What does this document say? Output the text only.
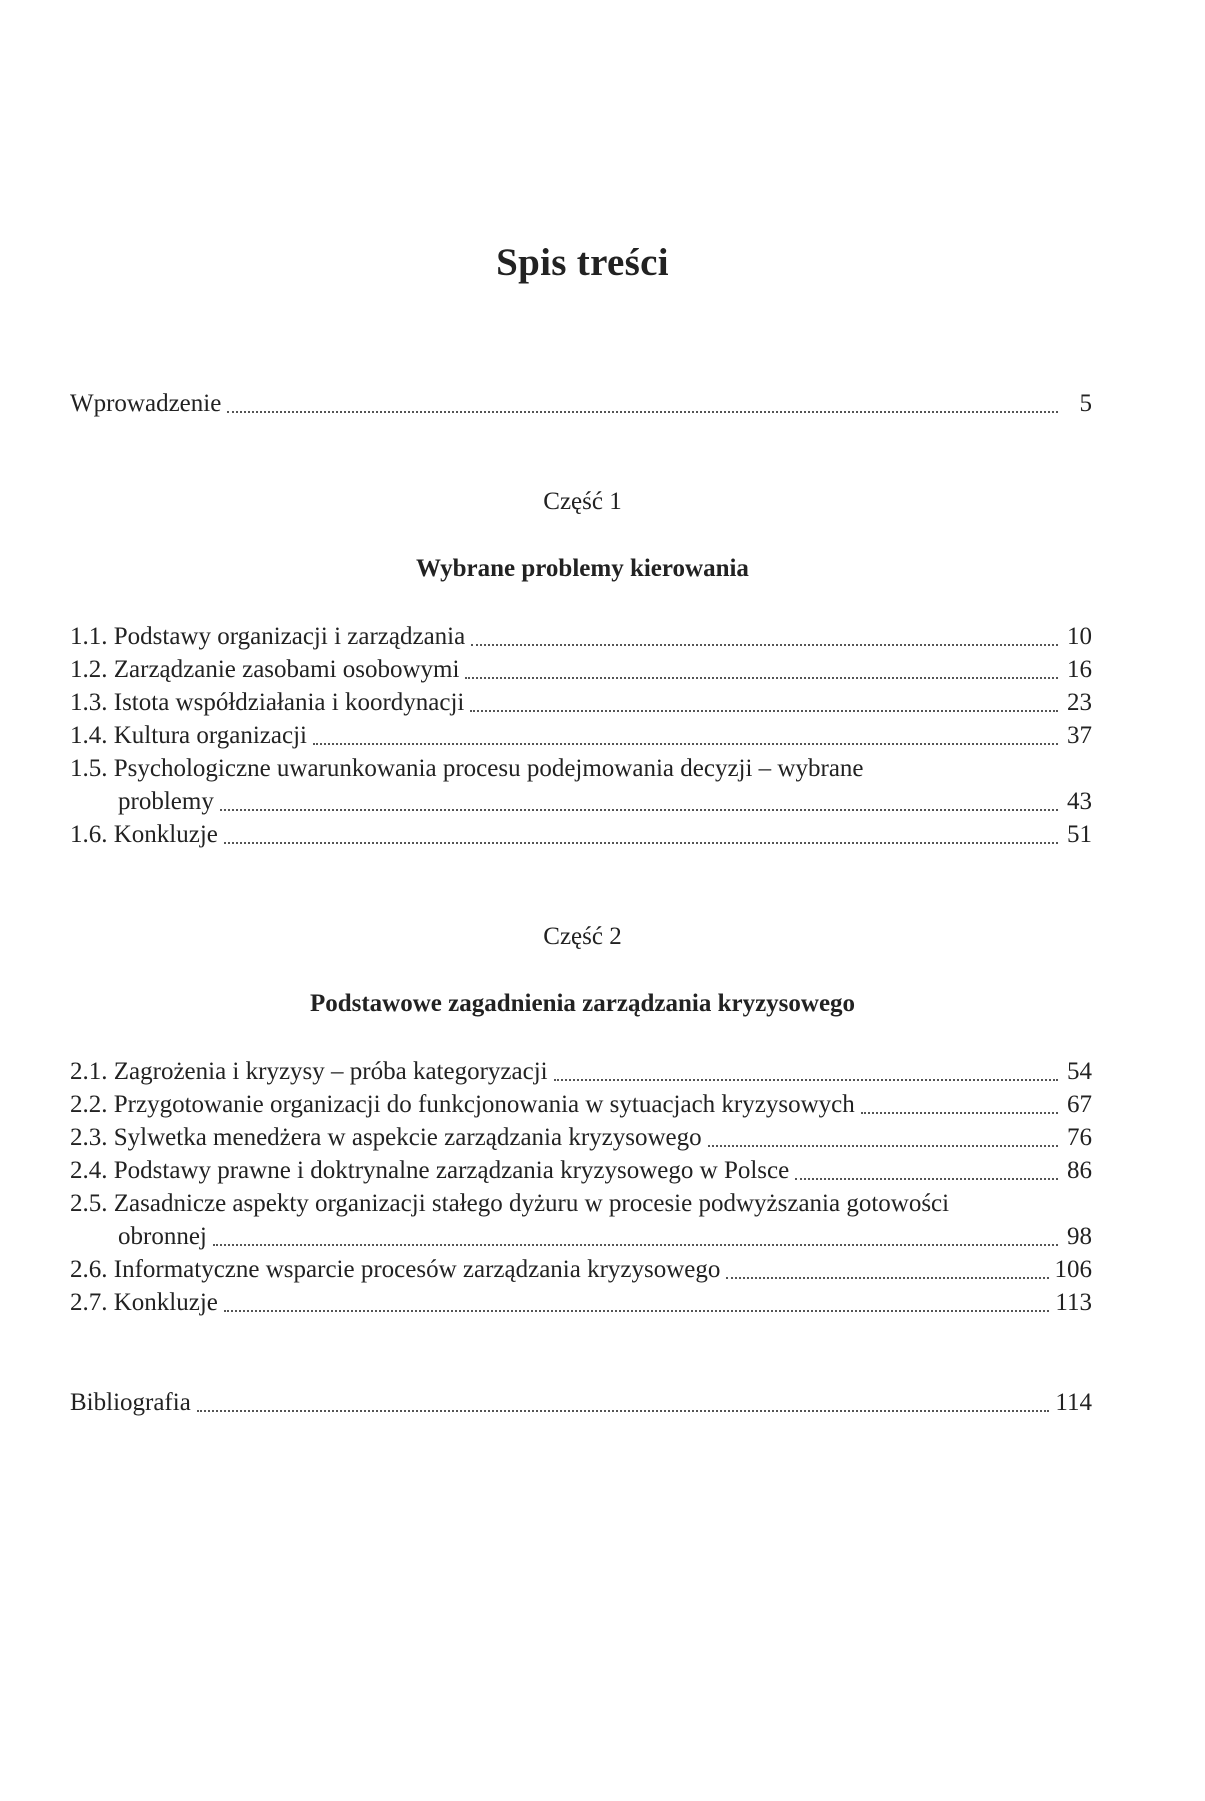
Spis treści
Wprowadzenie	5
Część 1
Wybrane problemy kierowania
1.1. Podstawy organizacji i zarządzania	10
1.2. Zarządzanie zasobami osobowymi	16
1.3. Istota współdziałania i koordynacji	23
1.4. Kultura organizacji	37
1.5. Psychologiczne uwarunkowania procesu podejmowania decyzji – wybrane
problemy	43
1.6. Konkluzje	51
Część 2
Podstawowe zagadnienia zarządzania kryzysowego
2.1. Zagrożenia i kryzysy – próba kategoryzacji	54
2.2. Przygotowanie organizacji do funkcjonowania w sytuacjach kryzysowych	67
2.3. Sylwetka menedżera w aspekcie zarządzania kryzysowego	76
2.4. Podstawy prawne i doktrynalne zarządzania kryzysowego w Polsce	86
2.5. Zasadnicze aspekty organizacji stałego dyżuru w procesie podwyższania gotowości
obronnej	98
2.6. Informatyczne wsparcie procesów zarządzania kryzysowego	106
2.7. Konkluzje	113
Bibliografia	114
